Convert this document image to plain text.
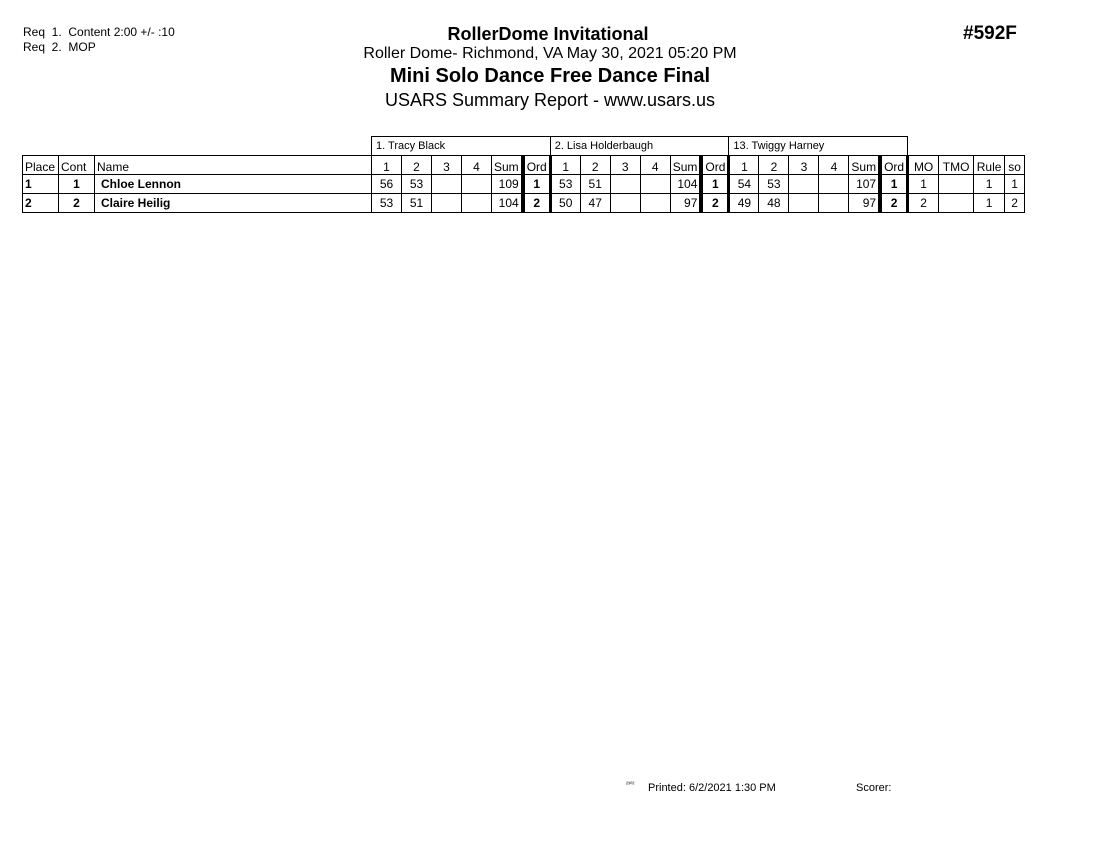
Req  1.  Content 2:00 +/- :10
Req  2.  MOP
#592F
RollerDome Invitational
Roller Dome- Richmond, VA May 30, 2021 05:20 PM
Mini Solo Dance Free Dance Final
USARS Summary Report - www.usars.us
			1. Tracy Black						2. Lisa Holderbaugh						13. Twiggy Harney									
Place	Cont	Name	1	2	3	4	Sum	Ord	1	2	3	4	Sum	Ord	1	2	3	4	Sum	Ord	MO	TMO	Rule	so
1	1	Chloe Lennon	56	53			109	1	53	51			104	1	54	53			107	1	1		1	1
2	2	Claire Heilig	53	51			104	2	50	47			97	2	49	48			97	2	2		1	2
²³⁰² Printed: 6/2/2021 1:30 PM	Scorer:
